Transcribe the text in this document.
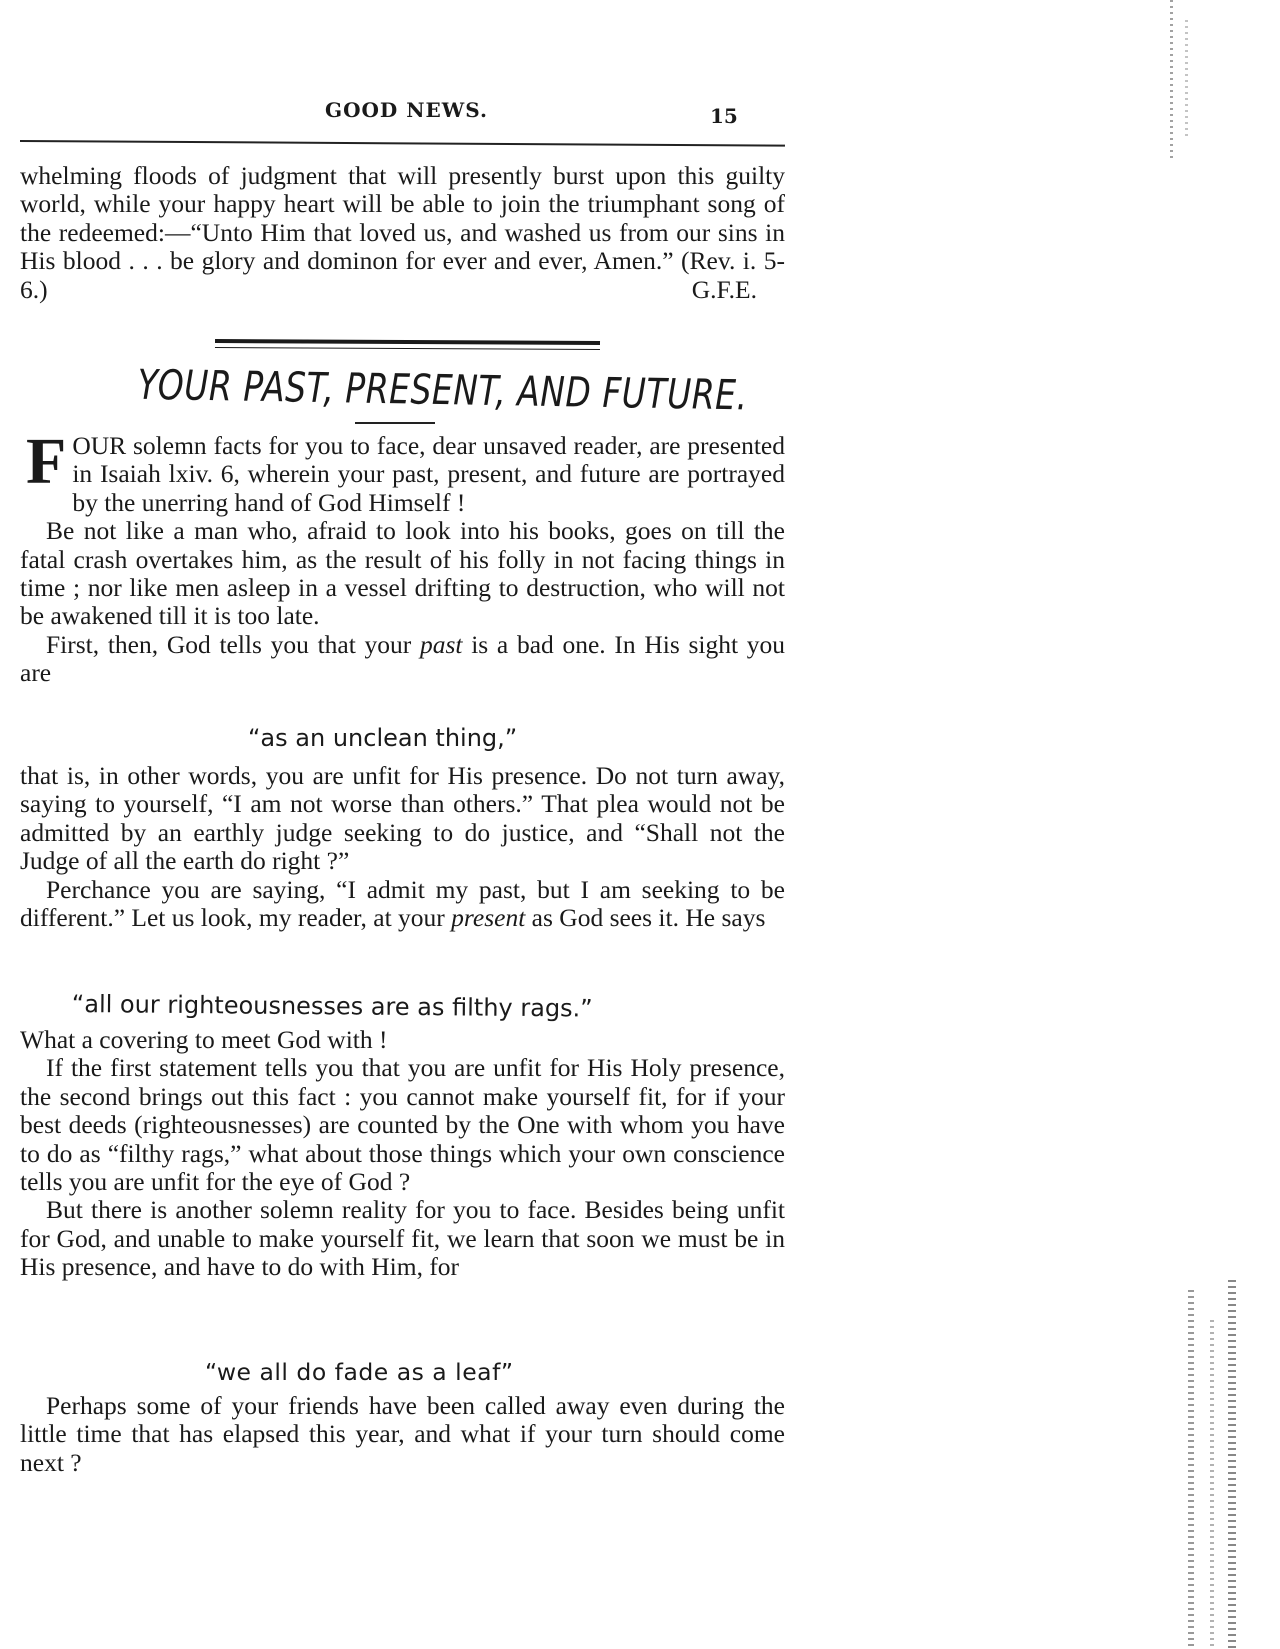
GOOD NEWS.	15

whelming floods of judgment that will presently burst upon this guilty world, while your happy heart will be able to join the triumphant song of the redeemed:—“Unto Him that loved us, and washed us from our sins in His blood . . . be glory and dominon for ever and ever, Amen.” (Rev. i. 5-6.)	G.F.E.

YOUR PAST, PRESENT, AND FUTURE.

FOUR solemn facts for you to face, dear unsaved reader, are presented in Isaiah lxiv. 6, wherein your past, present, and future are portrayed by the unerring hand of God Himself !

Be not like a man who, afraid to look into his books, goes on till the fatal crash overtakes him, as the result of his folly in not facing things in time ; nor like men asleep in a vessel drifting to destruction, who will not be awakened till it is too late.

First, then, God tells you that your past is a bad one. In His sight you are

“as an unclean thing,”

that is, in other words, you are unfit for His presence. Do not turn away, saying to yourself, “I am not worse than others.” That plea would not be admitted by an earthly judge seeking to do justice, and “Shall not the Judge of all the earth do right ?”

Perchance you are saying, “I admit my past, but I am seeking to be different.” Let us look, my reader, at your present as God sees it. He says

“all our righteousnesses are as filthy rags.”

What a covering to meet God with !

If the first statement tells you that you are unfit for His Holy presence, the second brings out this fact : you cannot make yourself fit, for if your best deeds (righteousnesses) are counted by the One with whom you have to do as “filthy rags,” what about those things which your own conscience tells you are unfit for the eye of God ?

But there is another solemn reality for you to face. Besides being unfit for God, and unable to make yourself fit, we learn that soon we must be in His presence, and have to do with Him, for

“we all do fade as a leaf”

Perhaps some of your friends have been called away even during the little time that has elapsed this year, and what if your turn should come next ?
